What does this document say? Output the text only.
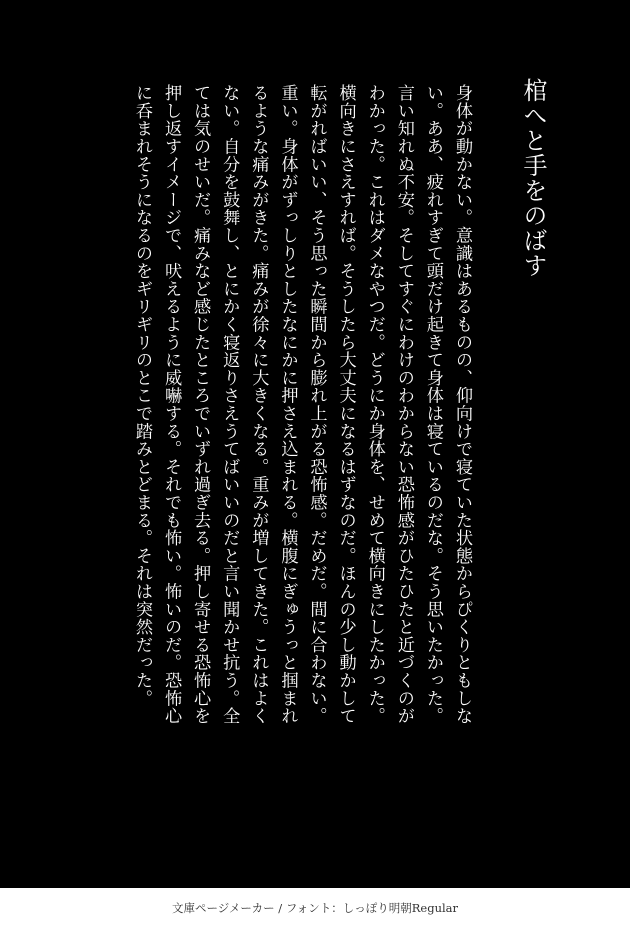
棺へと手をのばす
身体が動かない。意識はあるものの、仰向けで寝ていた状態からぴくりともしな
い。ああ、疲れすぎて頭だけ起きて身体は寝ているのだな。そう思いたかった。
言い知れぬ不安。そしてすぐにわけのわからない恐怖感がひたひたと近づくのが
わかった。これはダメなやつだ。どうにか身体を、せめて横向きにしたかった。
横向きにさえすれば。そうしたら大丈夫になるはずなのだ。ほんの少し動かして
転がればいい、そう思った瞬間から膨れ上がる恐怖感。だめだ。間に合わない。
重い。身体がずっしりとしたなにかに押さえ込まれる。横腹にぎゅうっと掴まれ
るような痛みがきた。痛みが徐々に大きくなる。重みが増してきた。これはよく
ない。自分を鼓舞し、とにかく寝返りさえうてばいいのだと言い聞かせ抗う。全
ては気のせいだ。痛みなど感じたところでいずれ過ぎ去る。押し寄せる恐怖心を
押し返すイメージで、吠えるように威嚇する。それでも怖い。怖いのだ。恐怖心
に呑まれそうになるのをギリギリのとこで踏みとどまる。それは突然だった。
文庫ページメーカー / フォント：しっぽり明朝Regular
